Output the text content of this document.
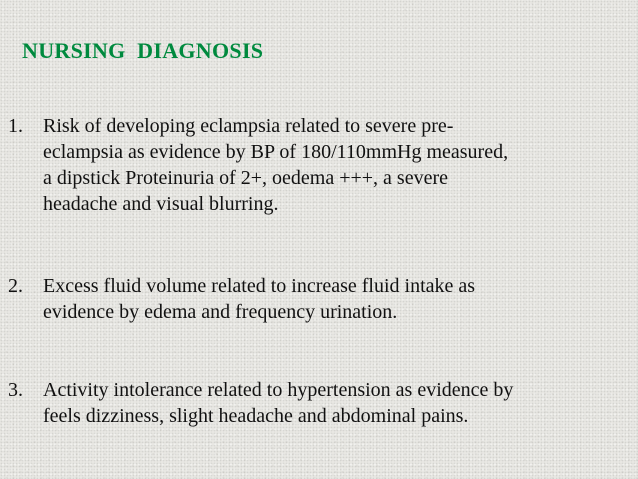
NURSING  DIAGNOSIS
1. Risk of developing eclampsia related to severe pre-
eclampsia as evidence by BP of 180/110mmHg measured,
a dipstick Proteinuria of 2+, oedema +++, a severe
headache and visual blurring.
2. Excess fluid volume related to increase fluid intake as
evidence by edema and frequency urination.
3. Activity intolerance related to hypertension as evidence by
feels dizziness, slight headache and abdominal pains.
